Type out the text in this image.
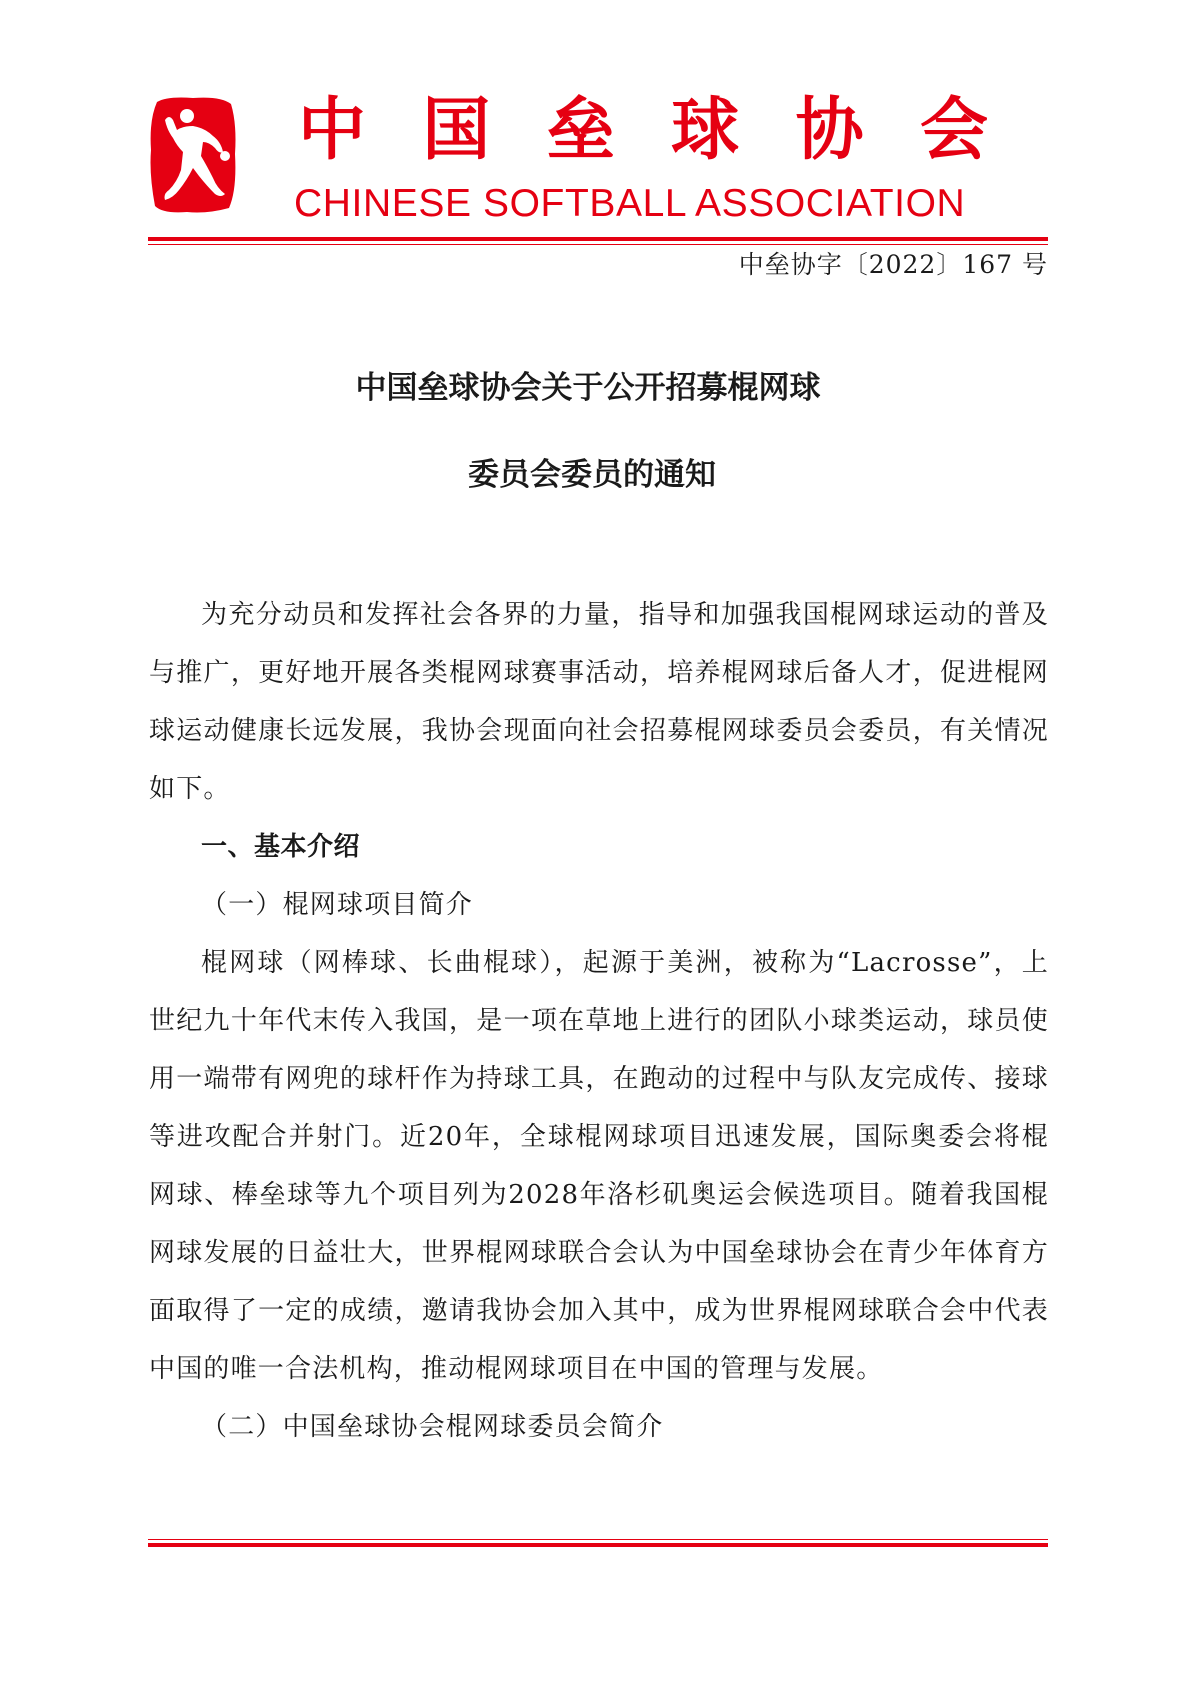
中 国 垒 球 协 会
CHINESE SOFTBALL ASSOCIATION
中垒协字〔2022〕167 号
中国垒球协会关于公开招募棍网球
委员会委员的通知

为充分动员和发挥社会各界的力量，指导和加强我国棍网球运动的普及与推广，更好地开展各类棍网球赛事活动，培养棍网球后备人才，促进棍网球运动健康长远发展，我协会现面向社会招募棍网球委员会委员，有关情况如下。

一、基本介绍

（一）棍网球项目简介

棍网球（网棒球、长曲棍球），起源于美洲，被称为“Lacrosse”，上世纪九十年代末传入我国，是一项在草地上进行的团队小球类运动，球员使用一端带有网兜的球杆作为持球工具，在跑动的过程中与队友完成传、接球等进攻配合并射门。近20年，全球棍网球项目迅速发展，国际奥委会将棍网球、棒垒球等九个项目列为2028年洛杉矶奥运会候选项目。随着我国棍网球发展的日益壮大，世界棍网球联合会认为中国垒球协会在青少年体育方面取得了一定的成绩，邀请我协会加入其中，成为世界棍网球联合会中代表中国的唯一合法机构，推动棍网球项目在中国的管理与发展。

（二）中国垒球协会棍网球委员会简介
